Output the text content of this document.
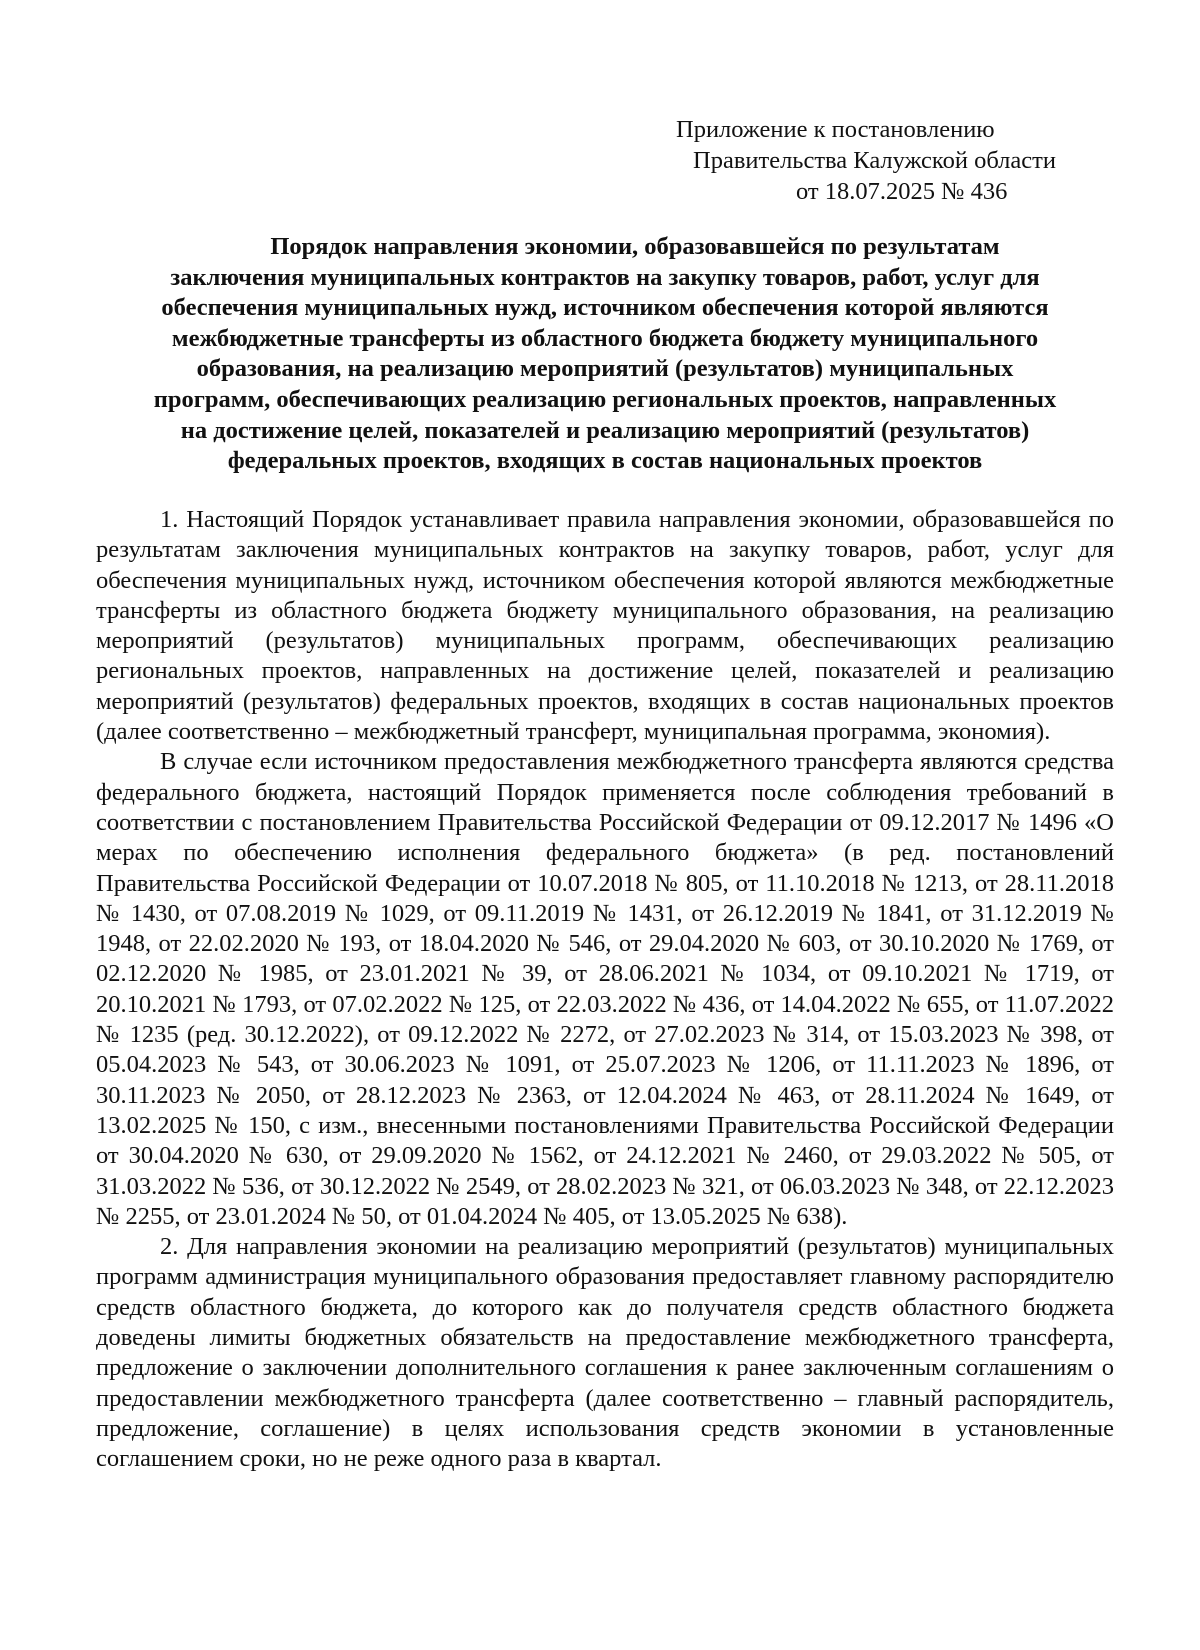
Приложение к постановлению
Правительства Калужской области
от 18.07.2025 № 436
Порядок направления экономии, образовавшейся по результатам
заключения муниципальных контрактов на закупку товаров, работ, услуг для
обеспечения муниципальных нужд, источником обеспечения которой являются
межбюджетные трансферты из областного бюджета бюджету муниципального
образования, на реализацию мероприятий (результатов) муниципальных
программ, обеспечивающих реализацию региональных проектов, направленных
на достижение целей, показателей и реализацию мероприятий (результатов)
федеральных проектов, входящих в состав национальных проектов

1. Настоящий Порядок устанавливает правила направления экономии, образовавшейся по результатам заключения муниципальных контрактов на закупку товаров, работ, услуг для обеспечения муниципальных нужд, источником обеспечения которой являются межбюджетные трансферты из областного бюджета бюджету муниципального образования, на реализацию мероприятий (результатов) муниципальных программ, обеспечивающих реализацию региональных проектов, направленных на достижение целей, показателей и реализацию мероприятий (результатов) федеральных проектов, входящих в состав национальных проектов (далее соответственно – межбюджетный трансферт, муниципальная программа, экономия).

В случае если источником предоставления межбюджетного трансферта являются средства федерального бюджета, настоящий Порядок применяется после соблюдения требований в соответствии с постановлением Правительства Российской Федерации от 09.12.2017 № 1496 «О мерах по обеспечению исполнения федерального бюджета» (в ред. постановлений Правительства Российской Федерации от 10.07.2018 № 805, от 11.10.2018 № 1213, от 28.11.2018 № 1430, от 07.08.2019 № 1029, от 09.11.2019 № 1431, от 26.12.2019 № 1841, от 31.12.2019 № 1948, от 22.02.2020 № 193, от 18.04.2020 № 546, от 29.04.2020 № 603, от 30.10.2020 № 1769, от 02.12.2020 № 1985, от 23.01.2021 № 39, от 28.06.2021 № 1034, от 09.10.2021 № 1719, от 20.10.2021 № 1793, от 07.02.2022 № 125, от 22.03.2022 № 436, от 14.04.2022 № 655, от 11.07.2022 № 1235 (ред. 30.12.2022), от 09.12.2022 № 2272, от 27.02.2023 № 314, от 15.03.2023 № 398, от 05.04.2023 № 543, от 30.06.2023 № 1091, от 25.07.2023 № 1206, от 11.11.2023 № 1896, от 30.11.2023 № 2050, от 28.12.2023 № 2363, от 12.04.2024 № 463, от 28.11.2024 № 1649, от 13.02.2025 № 150, с изм., внесенными постановлениями Правительства Российской Федерации от 30.04.2020 № 630, от 29.09.2020 № 1562, от 24.12.2021 № 2460, от 29.03.2022 № 505, от 31.03.2022 № 536, от 30.12.2022 № 2549, от 28.02.2023 № 321, от 06.03.2023 № 348, от 22.12.2023 № 2255, от 23.01.2024 № 50, от 01.04.2024 № 405, от 13.05.2025 № 638).

2. Для направления экономии на реализацию мероприятий (результатов) муниципальных программ администрация муниципального образования предоставляет главному распорядителю средств областного бюджета, до которого как до получателя средств областного бюджета доведены лимиты бюджетных обязательств на предоставление межбюджетного трансферта, предложение о заключении дополнительного соглашения к ранее заключенным соглашениям о предоставлении межбюджетного трансферта (далее соответственно – главный распорядитель, предложение, соглашение) в целях использования средств экономии в установленные соглашением сроки, но не реже одного раза в квартал.
